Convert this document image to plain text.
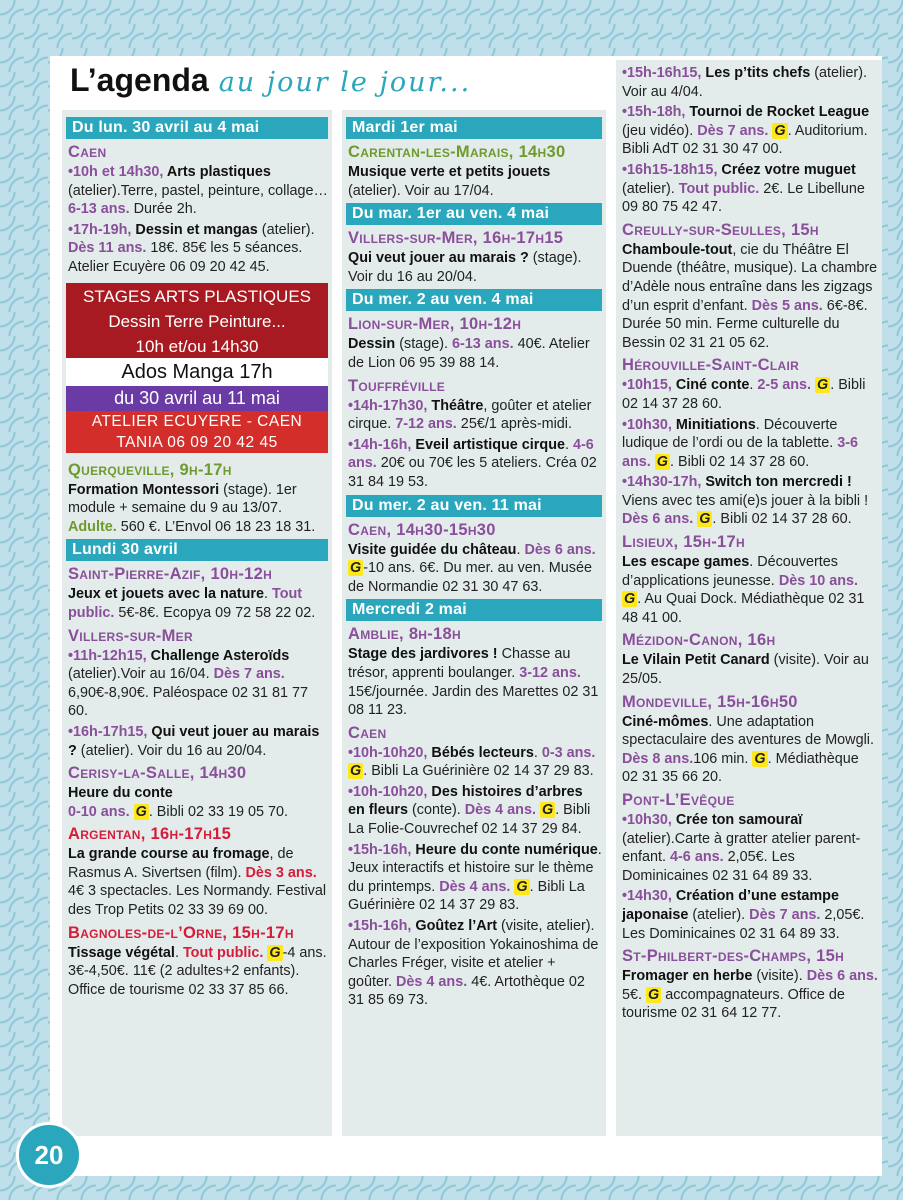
L’agenda au jour le jour...
Du lun. 30 avril au 4 mai
Caen
•10h et 14h30, Arts plastiques (atelier).Terre, pastel, peinture, collage… 6-13 ans. Durée 2h.
•17h-19h, Dessin et mangas (atelier). Dès 11 ans. 18€. 85€ les 5 séances. Atelier Ecuyère 06 09 20 42 45.
STAGES ARTS PLASTIQUES
Dessin Terre Peinture...
10h et/ou 14h30
Ados Manga 17h
du 30 avril au 11 mai
ATELIER ECUYERE - CAEN
TANIA 06 09 20 42 45
Querqueville, 9h-17h
Formation Montessori (stage). 1er module + semaine du 9 au 13/07. Adulte. 560 €. L’Envol 06 18 23 18 31.
Lundi 30 avril
Saint-Pierre-Azif, 10h-12h
Jeux et jouets avec la nature. Tout public. 5€-8€. Ecopya 09 72 58 22 02.
Villers-sur-Mer
•11h-12h15, Challenge Asteroïds (atelier).Voir au 16/04. Dès 7 ans. 6,90€-8,90€. Paléospace 02 31 81 77 60.
•16h-17h15, Qui veut jouer au marais ? (atelier). Voir du 16 au 20/04.
Cerisy-la-Salle, 14h30
Heure du conte
0-10 ans. G . Bibli 02 33 19 05 70.
Argentan, 16h-17h15
La grande course au fromage, de Rasmus A. Sivertsen (film). Dès 3 ans. 4€ 3 spectacles. Les Normandy. Festival des Trop Petits 02 33 39 69 00.
Bagnoles-de-l’Orne, 15h-17h
Tissage végétal. Tout public. G -4 ans. 3€-4,50€. 11€ (2 adultes+2 enfants). Office de tourisme 02 33 37 85 66.
Mardi 1er mai
Carentan-les-Marais, 14h30
Musique verte et petits jouets (atelier). Voir au 17/04.
Du mar. 1er au ven. 4 mai
Villers-sur-Mer, 16h-17h15
Qui veut jouer au marais ? (stage). Voir du 16 au 20/04.
Du mer. 2 au ven. 4 mai
Lion-sur-Mer, 10h-12h
Dessin (stage). 6-13 ans. 40€. Atelier de Lion 06 95 39 88 14.
Touffréville
•14h-17h30, Théâtre, goûter et atelier cirque. 7-12 ans. 25€/1 après-midi.
•14h-16h, Eveil artistique cirque. 4-6 ans. 20€ ou 70€ les 5 ateliers. Créa 02 31 84 19 53.
Du mer. 2 au ven. 11 mai
Caen, 14h30-15h30
Visite guidée du château. Dès 6 ans. G -10 ans. 6€. Du mer. au ven. Musée de Normandie 02 31 30 47 63.
Mercredi 2 mai
Amblie, 8h-18h
Stage des jardivores ! Chasse au trésor, apprenti boulanger. 3-12 ans. 15€/journée. Jardin des Marettes 02 31 08 11 23.
Caen
•10h-10h20, Bébés lecteurs. 0-3 ans. G . Bibli La Guérinière 02 14 37 29 83.
•10h-10h20, Des histoires d’arbres en fleurs (conte). Dès 4 ans. G . Bibli La Folie-Couvrechef 02 14 37 29 84.
•15h-16h, Heure du conte numérique. Jeux interactifs et histoire sur le thème du printemps. Dès 4 ans. G . Bibli La Guérinière 02 14 37 29 83.
•15h-16h, Goûtez l’Art (visite, atelier). Autour de l’exposition Yokainoshima de Charles Fréger, visite et atelier + goûter. Dès 4 ans. 4€. Artothèque 02 31 85 69 73.
•15h-16h15, Les p’tits chefs (atelier). Voir au 4/04.
•15h-18h, Tournoi de Rocket League (jeu vidéo). Dès 7 ans. G . Auditorium. Bibli AdT 02 31 30 47 00.
•16h15-18h15, Créez votre muguet (atelier). Tout public. 2€. Le Libellune 09 80 75 42 47.
Creully-sur-Seulles, 15h
Chamboule-tout, cie du Théâtre El Duende (théâtre, musique). La chambre d’Adèle nous entraîne dans les zigzags d’un esprit d’enfant. Dès 5 ans. 6€-8€. Durée 50 min. Ferme culturelle du Bessin 02 31 21 05 62.
Hérouville-Saint-Clair
•10h15, Ciné conte. 2-5 ans. G . Bibli 02 14 37 28 60.
•10h30, Minitiations. Découverte ludique de l’ordi ou de la tablette. 3-6 ans. G . Bibli 02 14 37 28 60.
•14h30-17h, Switch ton mercredi ! Viens avec tes ami(e)s jouer à la bibli ! Dès 6 ans. G . Bibli 02 14 37 28 60.
Lisieux, 15h-17h
Les escape games. Découvertes d’applications jeunesse. Dès 10 ans. G . Au Quai Dock. Médiathèque 02 31 48 41 00.
Mézidon-Canon, 16h
Le Vilain Petit Canard (visite). Voir au 25/05.
Mondeville, 15h-16h50
Ciné-mômes. Une adaptation spectaculaire des aventures de Mowgli. Dès 8 ans.106 min. G . Médiathèque 02 31 35 66 20.
Pont-L’Evêque
•10h30, Crée ton samouraï (atelier).Carte à gratter atelier parent-enfant. 4-6 ans. 2,05€. Les Dominicaines 02 31 64 89 33.
•14h30, Création d’une estampe japonaise (atelier). Dès 7 ans. 2,05€. Les Dominicaines 02 31 64 89 33.
St-Philbert-des-Champs, 15h
Fromager en herbe (visite). Dès 6 ans. 5€. G accompagnateurs. Office de tourisme 02 31 64 12 77.
20
